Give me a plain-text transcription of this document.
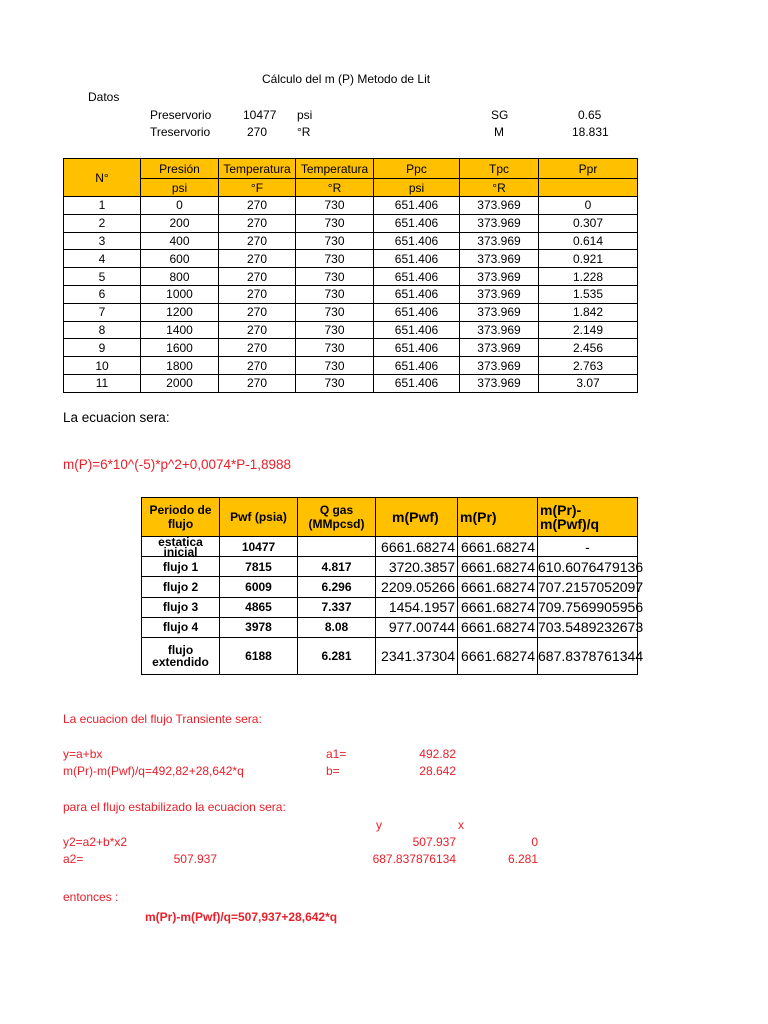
Cálculo del m (P) Metodo de Lit
Datos
Preservorio	10477 psi	SG	0.65
Treservorio	270 °R	M	18.831
N°	Presión	Temperatura	Temperatura	Ppc	Tpc	Ppr
	psi	°F	°R	psi	°R	
1	0	270	730	651.406	373.969	0
2	200	270	730	651.406	373.969	0.307
3	400	270	730	651.406	373.969	0.614
4	600	270	730	651.406	373.969	0.921
5	800	270	730	651.406	373.969	1.228
6	1000	270	730	651.406	373.969	1.535
7	1200	270	730	651.406	373.969	1.842
8	1400	270	730	651.406	373.969	2.149
9	1600	270	730	651.406	373.969	2.456
10	1800	270	730	651.406	373.969	2.763
11	2000	270	730	651.406	373.969	3.07
La ecuacion sera:
m(P)=6*10^(-5)*p^2+0,0074*P-1,8988
Periodo de flujo	Pwf (psia)	Q gas (MMpcsd)	m(Pwf)	m(Pr)	m(Pr)-m(Pwf)/q

estatica inicial	10477		6661.68274	6661.68274	-
flujo 1	7815	4.817	3720.3857	6661.68274	610.6076479136
flujo 2	6009	6.296	2209.05266	6661.68274	707.2157052097
flujo 3	4865	7.337	1454.1957	6661.68274	709.7569905956
flujo 4	3978	8.08	977.00744	6661.68274	703.5489232673
flujo extendido	6188	6.281	2341.37304	6661.68274	687.8378761344
La ecuacion del flujo Transiente sera:
y=a+bx
m(Pr)-m(Pwf)/q=492,82+28,642*q
a1=	492.82
b=	28.642
para el flujo estabilizado la ecuacion sera:
y	x
y2=a2+b*x2	507.937	0
a2=	507.937	687.837876134	6.281
entonces :
m(Pr)-m(Pwf)/q=507,937+28,642*q
